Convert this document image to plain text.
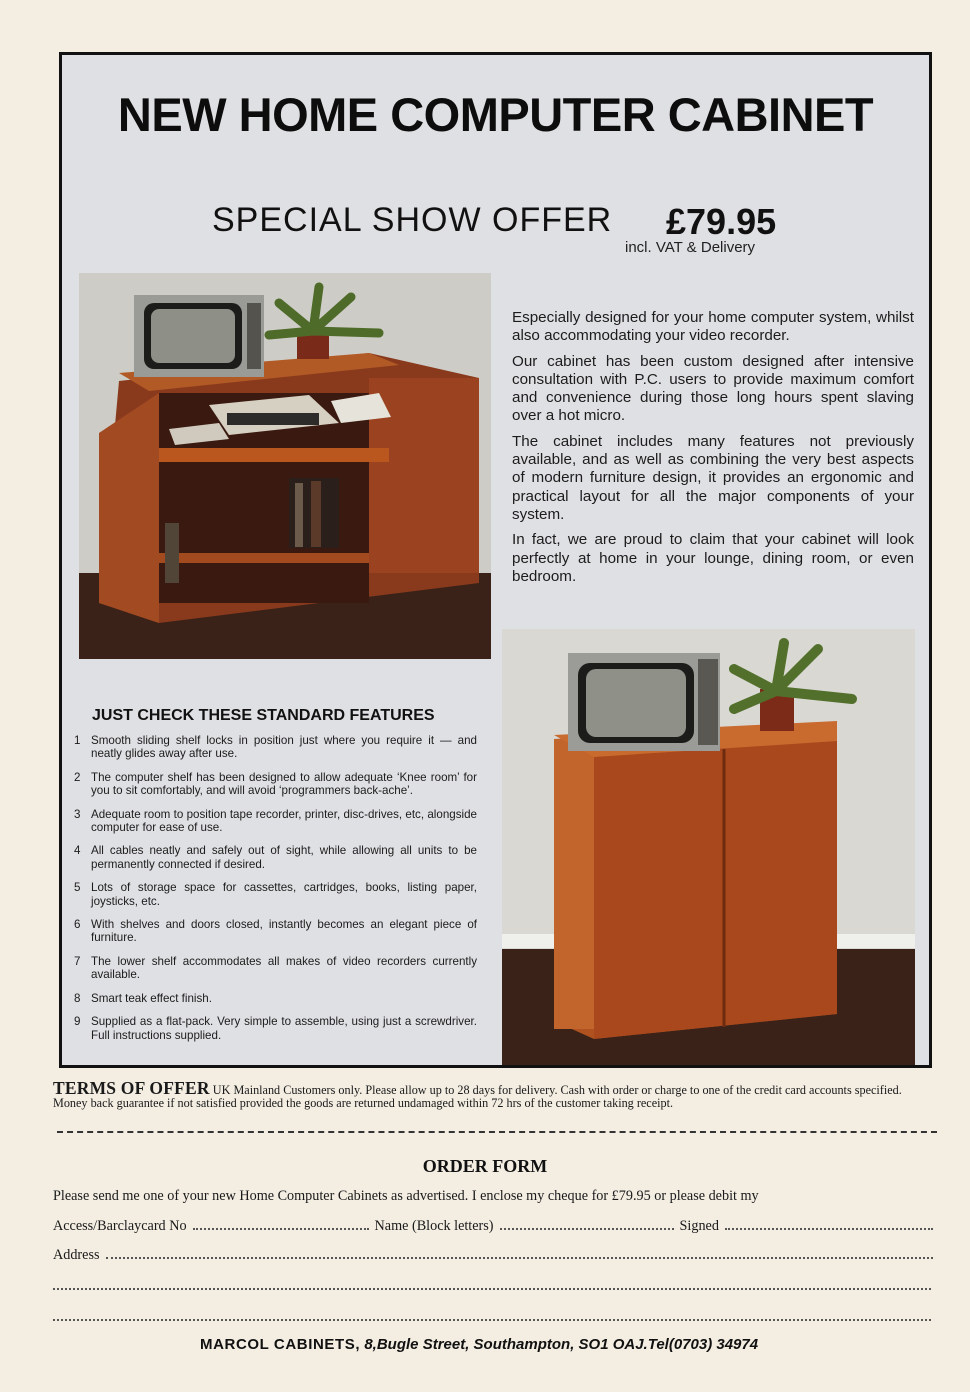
NEW HOME COMPUTER CABINET
SPECIAL SHOW OFFER £79.95
incl. VAT & Delivery

Especially designed for your home computer system, whilst also accommodating your video recorder.

Our cabinet has been custom designed after intensive consultation with P.C. users to provide maximum comfort and convenience during those long hours spent slaving over a hot micro.

The cabinet includes many features not previously available, and as well as combining the very best aspects of modern furniture design, it provides an ergonomic and practical layout for all the major components of your system.

In fact, we are proud to claim that your cabinet will look perfectly at home in your lounge, dining room, or even bedroom.

JUST CHECK THESE STANDARD FEATURES
1 Smooth sliding shelf locks in position just where you require it — and neatly glides away after use.
2 The computer shelf has been designed to allow adequate ‘Knee room’ for you to sit comfortably, and will avoid ‘programmers back-ache’.
3 Adequate room to position tape recorder, printer, disc-drives, etc, alongside computer for ease of use.
4 All cables neatly and safely out of sight, while allowing all units to be permanently connected if desired.
5 Lots of storage space for cassettes, cartridges, books, listing paper, joysticks, etc.
6 With shelves and doors closed, instantly becomes an elegant piece of furniture.
7 The lower shelf accommodates all makes of video recorders currently available.
8 Smart teak effect finish.
9 Supplied as a flat-pack. Very simple to assemble, using just a screwdriver. Full instructions supplied.
TERMS OF OFFER UK Mainland Customers only. Please allow up to 28 days for delivery. Cash with order or charge to one of the credit card accounts specified. Money back guarantee if not satisfied provided the goods are returned undamaged within 72 hrs of the customer taking receipt.
ORDER FORM
Please send me one of your new Home Computer Cabinets as advertised. I enclose my cheque for £79.95 or please debit my
Access/Barclaycard No	Name (Block letters)	Signed
Address
MARCOL CABINETS, 8,Bugle Street, Southampton, SO1 OAJ.Tel(0703) 34974
